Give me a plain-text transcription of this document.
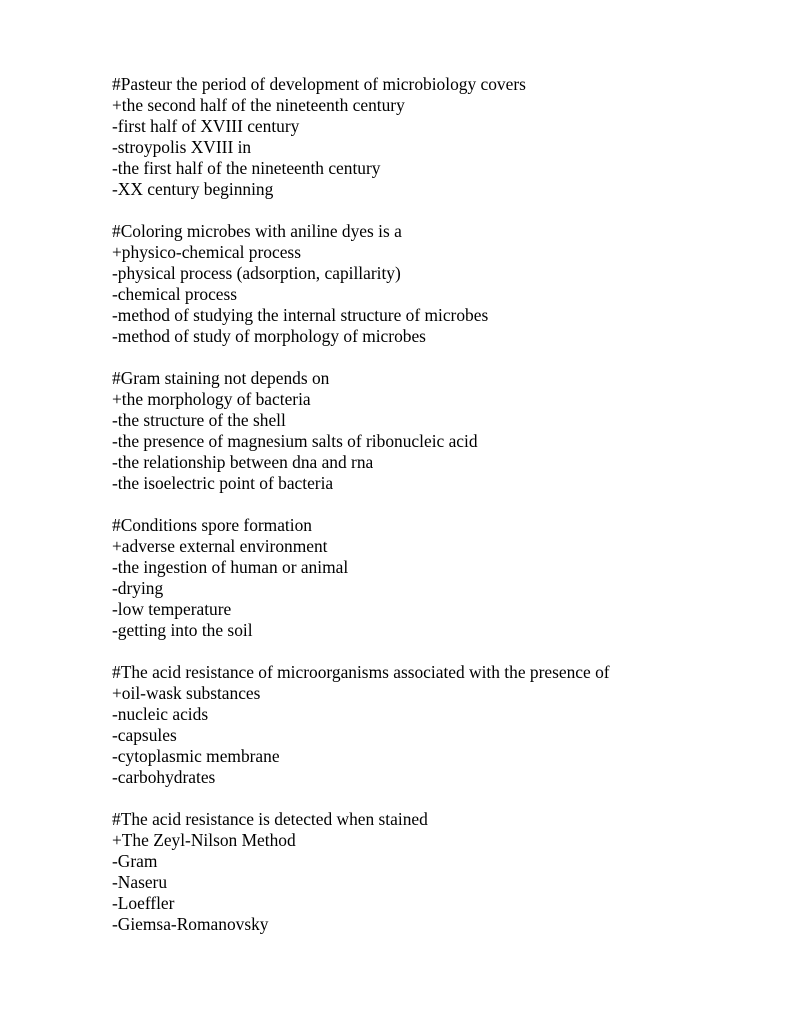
#Pasteur the period of development of microbiology covers
+the second half of the nineteenth century
-first half of XVIII century
-stroypolis XVIII in
-the first half of the nineteenth century
-XX century beginning
#Coloring microbes with aniline dyes is a
+physico-chemical process
-physical process (adsorption, capillarity)
-chemical process
-method of studying the internal structure of microbes
-method of study of morphology of microbes
#Gram staining not depends on
+the morphology of bacteria
-the structure of the shell
-the presence of magnesium salts of ribonucleic acid
-the relationship between dna and rna
-the isoelectric point of bacteria
#Conditions spore formation
+adverse external environment
-the ingestion of human or animal
-drying
-low temperature
-getting into the soil
#The acid resistance of microorganisms associated with the presence of
+oil-wask substances
-nucleic acids
-capsules
-cytoplasmic membrane
-carbohydrates
#The acid resistance is detected when stained
+The Zeyl-Nilson Method
-Gram
-Naseru
-Loeffler
-Giemsa-Romanovsky
